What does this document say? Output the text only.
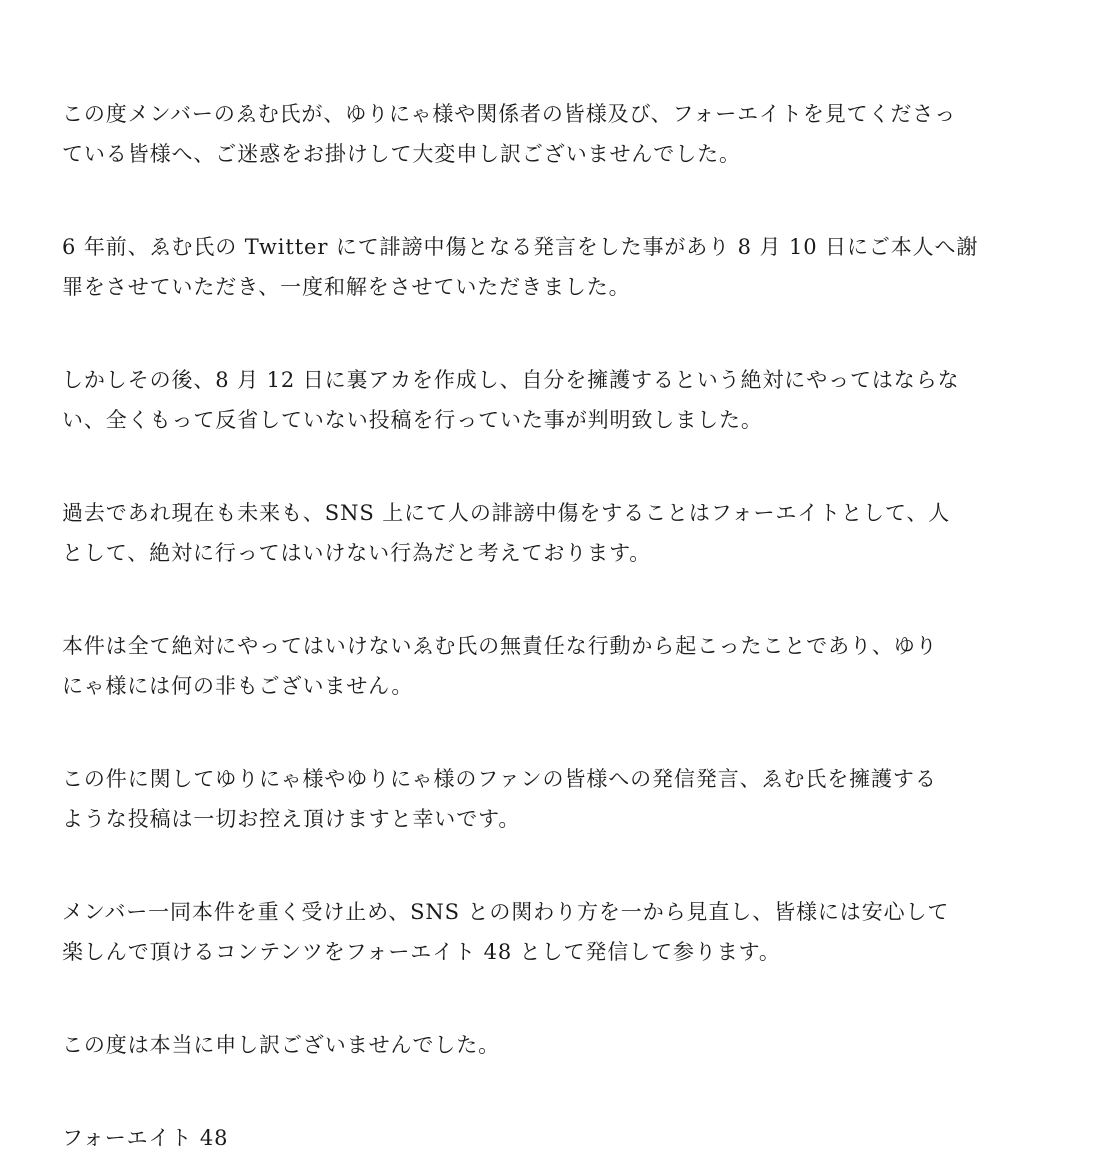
この度メンバーのゑむ氏が、ゆりにゃ様や関係者の皆様及び、フォーエイトを見てくださっ
ている皆様へ、ご迷惑をお掛けして大変申し訳ございませんでした。

6 年前、ゑむ氏の Twitter にて誹謗中傷となる発言をした事があり 8 月 10 日にご本人へ謝
罪をさせていただき、一度和解をさせていただきました。

しかしその後、8 月 12 日に裏アカを作成し、自分を擁護するという絶対にやってはならな
い、全くもって反省していない投稿を行っていた事が判明致しました。

過去であれ現在も未来も、SNS 上にて人の誹謗中傷をすることはフォーエイトとして、人
として、絶対に行ってはいけない行為だと考えております。

本件は全て絶対にやってはいけないゑむ氏の無責任な行動から起こったことであり、ゆり
にゃ様には何の非もございません。

この件に関してゆりにゃ様やゆりにゃ様のファンの皆様への発信発言、ゑむ氏を擁護する
ような投稿は一切お控え頂けますと幸いです。

メンバー一同本件を重く受け止め、SNS との関わり方を一から見直し、皆様には安心して
楽しんで頂けるコンテンツをフォーエイト 48 として発信して参ります。

この度は本当に申し訳ございませんでした。

フォーエイト 48
